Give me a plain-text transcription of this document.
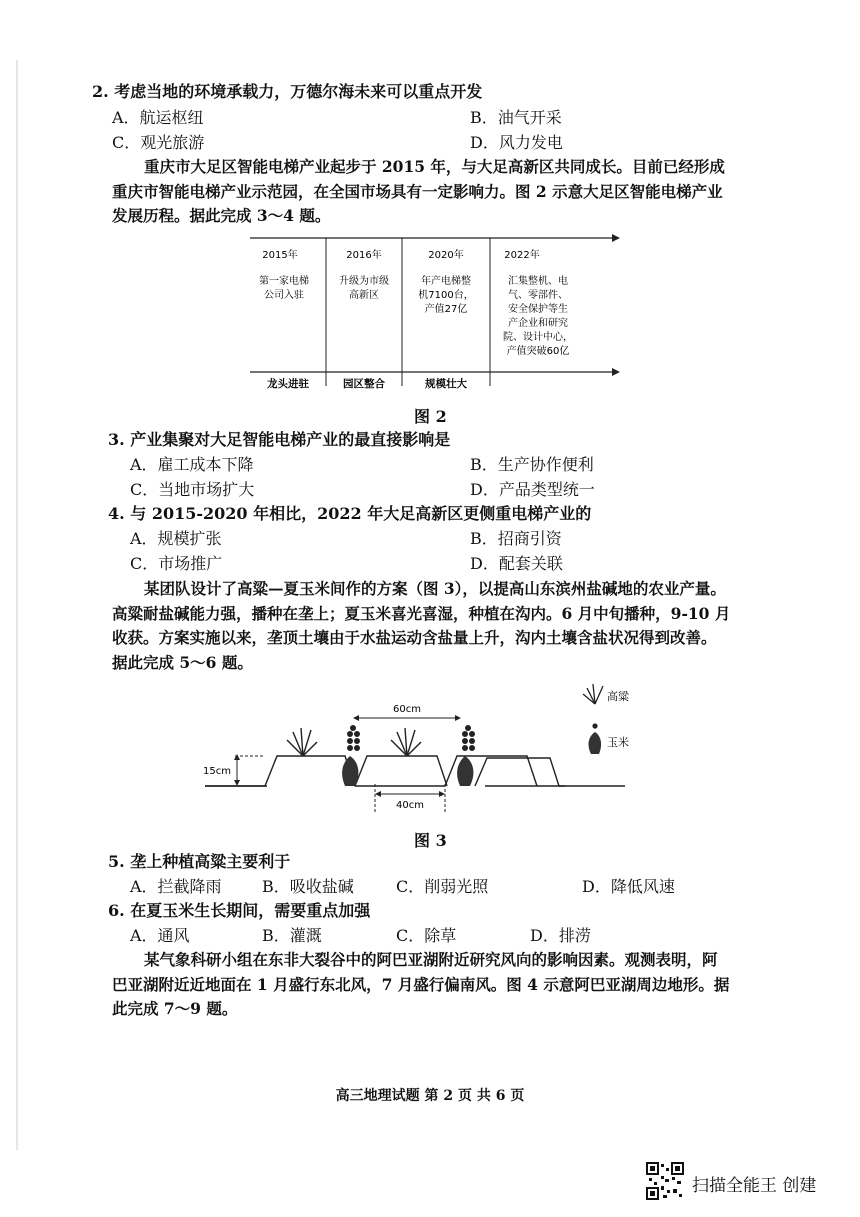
2. 考虑当地的环境承载力，万德尔海未来可以重点开发
A．航运枢纽	B．油气开采
C．观光旅游	D．风力发电
重庆市大足区智能电梯产业起步于 2015 年，与大足高新区共同成长。目前已经形成
重庆市智能电梯产业示范园，在全国市场具有一定影响力。图 2 示意大足区智能电梯产业
发展历程。据此完成 3～4 题。
2015年	2016年	2020年	2022年
第一家电梯
公司入驻
升级为市级
高新区
年产电梯整
机7100台，
产值27亿
汇集整机、电
气、零部件、
安全保护等生
产企业和研究
院、设计中心，
产值突破60亿
龙头进驻	园区整合	规模壮大
图 2
3. 产业集聚对大足智能电梯产业的最直接影响是
A．雇工成本下降	B．生产协作便利
C．当地市场扩大	D．产品类型统一
4. 与 2015-2020 年相比，2022 年大足高新区更侧重电梯产业的
A．规模扩张	B．招商引资
C．市场推广	D．配套关联
某团队设计了高粱—夏玉米间作的方案（图 3），以提高山东滨州盐碱地的农业产量。
高粱耐盐碱能力强，播种在垄上；夏玉米喜光喜湿，种植在沟内。6 月中旬播种，9-10 月
收获。方案实施以来，垄顶土壤由于水盐运动含盐量上升，沟内土壤含盐状况得到改善。
据此完成 5～6 题。
15cm
60cm
40cm
高粱
玉米
图 3
5. 垄上种植高粱主要利于
A．拦截降雨	B．吸收盐碱	C．削弱光照	D．降低风速
6. 在夏玉米生长期间，需要重点加强
A．通风	B．灌溉	C．除草	D．排涝
某气象科研小组在东非大裂谷中的阿巴亚湖附近研究风向的影响因素。观测表明，阿
巴亚湖附近近地面在 1 月盛行东北风，7 月盛行偏南风。图 4 示意阿巴亚湖周边地形。据
此完成 7～9 题。
高三地理试题 第 2 页 共 6 页
扫描全能王 创建
